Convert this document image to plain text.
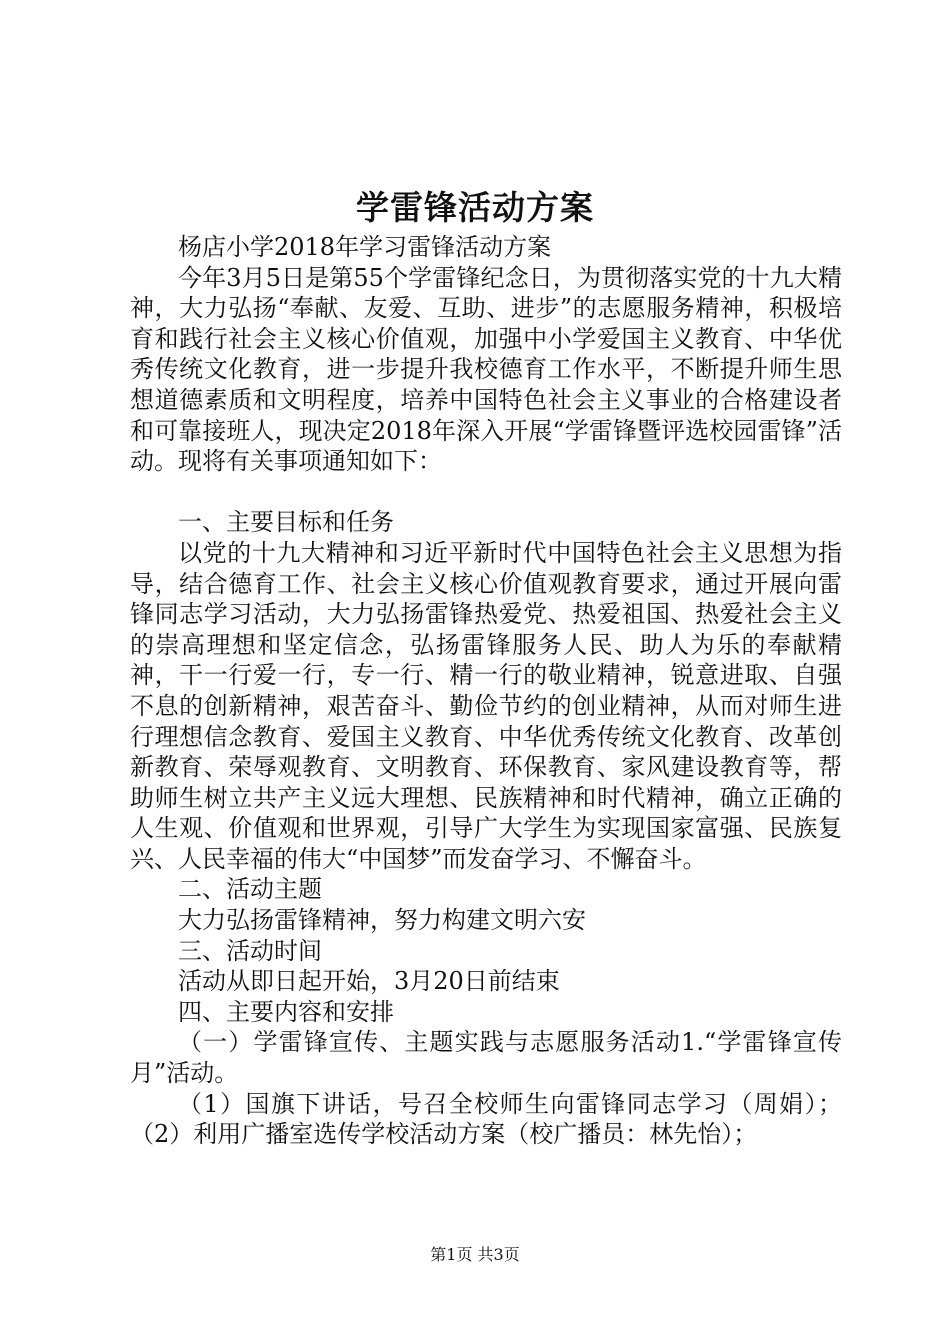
学雷锋活动方案

杨店小学2018年学习雷锋活动方案

今年3月5日是第55个学雷锋纪念日，为贯彻落实党的十九大精神，大力弘扬“奉献、友爱、互助、进步”的志愿服务精神，积极培育和践行社会主义核心价值观，加强中小学爱国主义教育、中华优秀传统文化教育，进一步提升我校德育工作水平，不断提升师生思想道德素质和文明程度，培养中国特色社会主义事业的合格建设者和可靠接班人，现决定2018年深入开展“学雷锋暨评选校园雷锋”活动。现将有关事项通知如下：

一、主要目标和任务

以党的十九大精神和习近平新时代中国特色社会主义思想为指导，结合德育工作、社会主义核心价值观教育要求，通过开展向雷锋同志学习活动，大力弘扬雷锋热爱党、热爱祖国、热爱社会主义的崇高理想和坚定信念，弘扬雷锋服务人民、助人为乐的奉献精神，干一行爱一行，专一行、精一行的敬业精神，锐意进取、自强不息的创新精神，艰苦奋斗、勤俭节约的创业精神，从而对师生进行理想信念教育、爱国主义教育、中华优秀传统文化教育、改革创新教育、荣辱观教育、文明教育、环保教育、家风建设教育等，帮助师生树立共产主义远大理想、民族精神和时代精神，确立正确的人生观、价值观和世界观，引导广大学生为实现国家富强、民族复兴、人民幸福的伟大“中国梦”而发奋学习、不懈奋斗。

二、活动主题

大力弘扬雷锋精神，努力构建文明六安

三、活动时间

活动从即日起开始，3月20日前结束

四、主要内容和安排

（一）学雷锋宣传、主题实践与志愿服务活动1.“学雷锋宣传月”活动。

（1）国旗下讲话，号召全校师生向雷锋同志学习（周娟）；（2）利用广播室选传学校活动方案（校广播员：林先怡）；

第1页 共3页
